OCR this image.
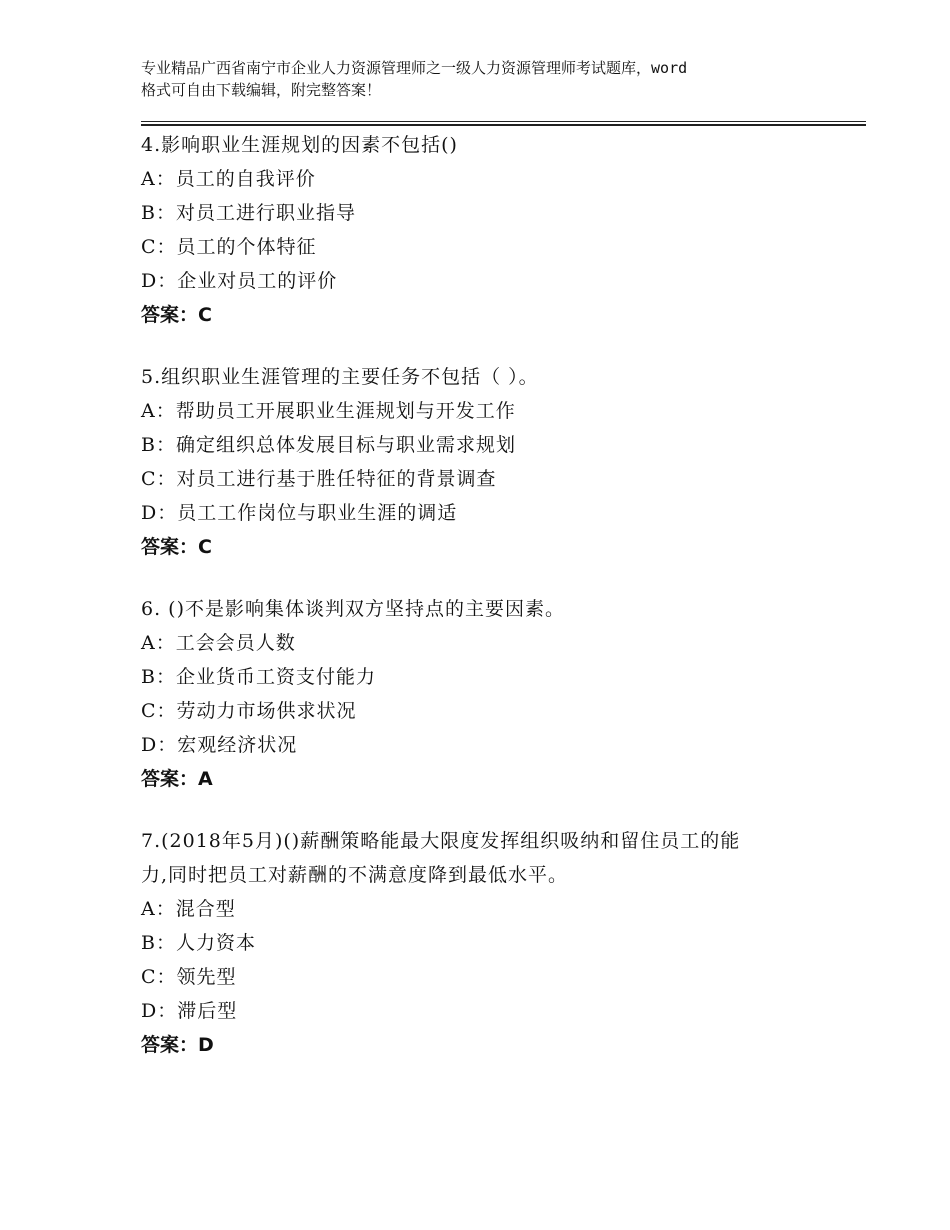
专业精品广西省南宁市企业人力资源管理师之一级人力资源管理师考试题库，word
格式可自由下载编辑，附完整答案！

4.影响职业生涯规划的因素不包括()

A：员工的自我评价

B：对员工进行职业指导

C：员工的个体特征

D：企业对员工的评价

答案：C

5.组织职业生涯管理的主要任务不包括（ ）。

A：帮助员工开展职业生涯规划与开发工作

B：确定组织总体发展目标与职业需求规划

C：对员工进行基于胜任特征的背景调查

D：员工工作岗位与职业生涯的调适

答案：C

6. ()不是影响集体谈判双方坚持点的主要因素。

A：工会会员人数

B：企业货币工资支付能力

C：劳动力市场供求状况

D：宏观经济状况

答案：A

7.(2018年5月)()薪酬策略能最大限度发挥组织吸纳和留住员工的能

力,同时把员工对薪酬的不满意度降到最低水平。

A：混合型

B：人力资本

C：领先型

D：滞后型

答案：D
